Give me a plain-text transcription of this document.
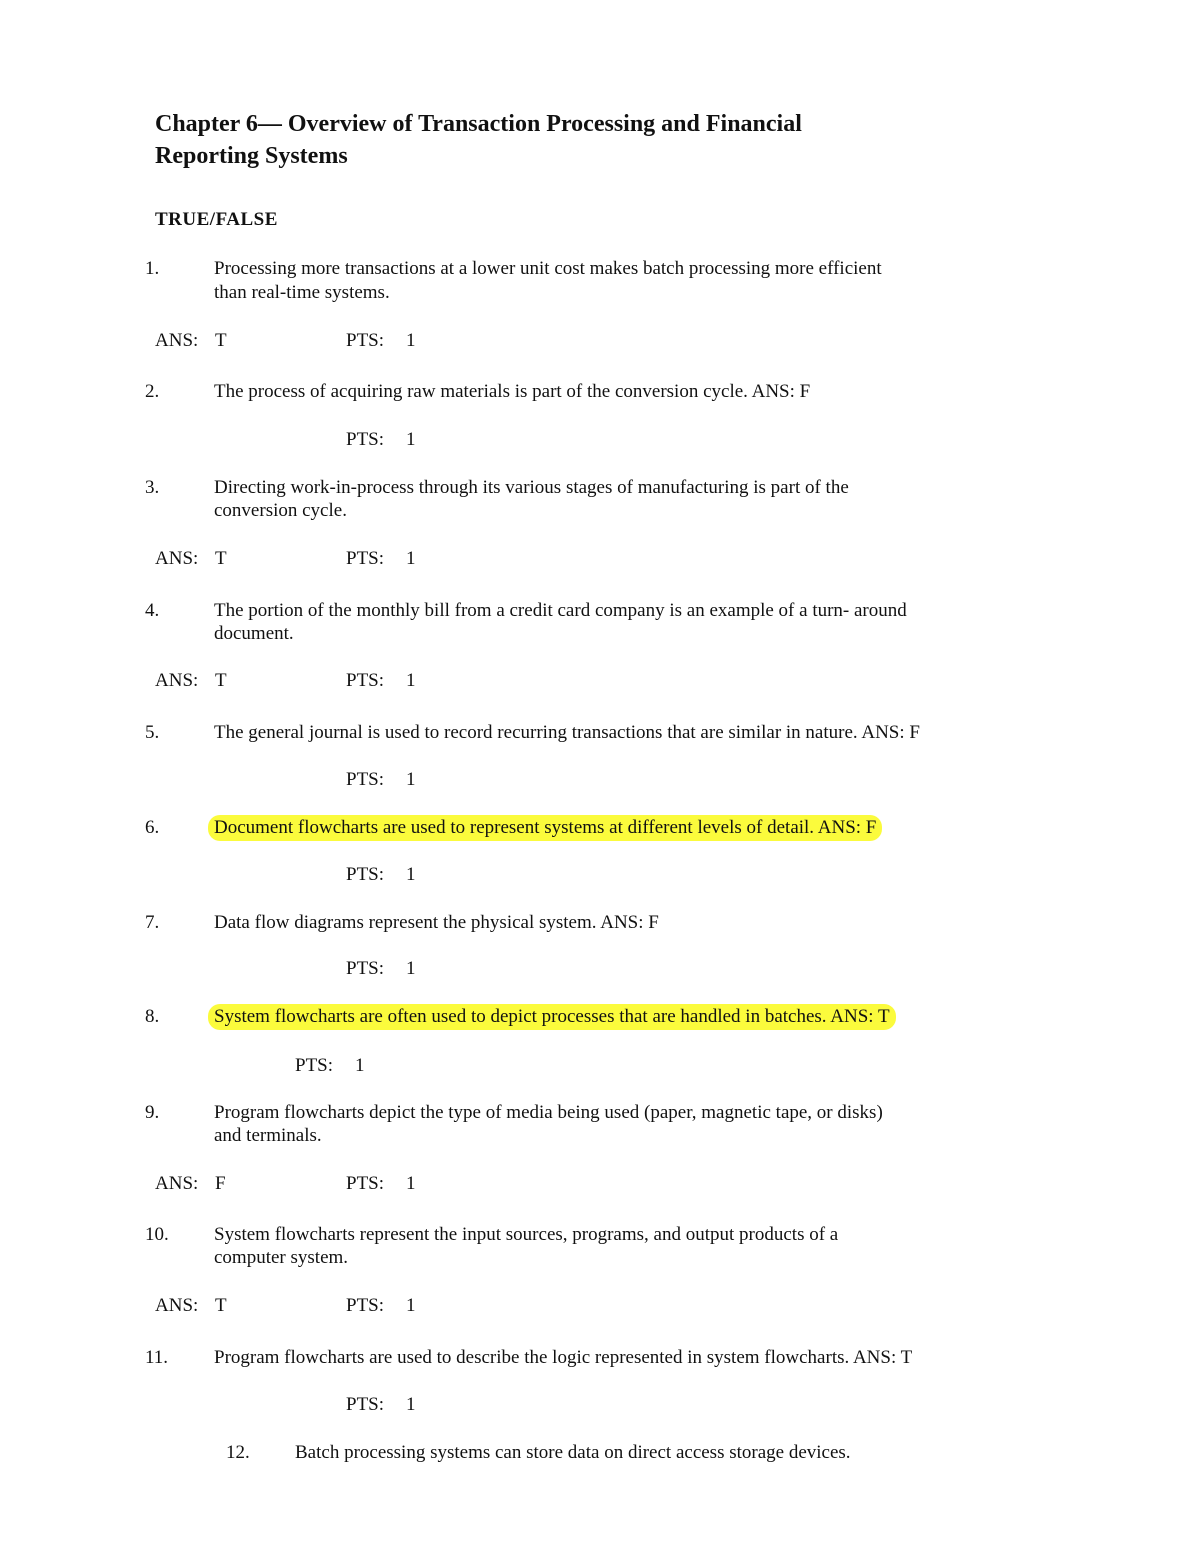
Chapter 6— Overview of Transaction Processing and Financial
Reporting Systems
TRUE/FALSE
1.	Processing more transactions at a lower unit cost makes batch processing more efficient
than real-time systems.
ANS: T	PTS: 1
2.	The process of acquiring raw materials is part of the conversion cycle. ANS: F
PTS: 1
3.	Directing work-in-process through its various stages of manufacturing is part of the
conversion cycle.
ANS: T	PTS: 1
4.	The portion of the monthly bill from a credit card company is an example of a turn- around
document.
ANS: T	PTS: 1
5.	The general journal is used to record recurring transactions that are similar in nature. ANS: F
PTS: 1
6.	Document flowcharts are used to represent systems at different levels of detail. ANS: F
PTS: 1
7.	Data flow diagrams represent the physical system. ANS: F
PTS: 1
8.	System flowcharts are often used to depict processes that are handled in batches. ANS: T
PTS: 1
9.	Program flowcharts depict the type of media being used (paper, magnetic tape, or disks)
and terminals.
ANS: F	PTS: 1
10. System flowcharts represent the input sources, programs, and output products of a
computer system.
ANS: T	PTS: 1
11. Program flowcharts are used to describe the logic represented in system flowcharts. ANS: T
PTS: 1
12. Batch processing systems can store data on direct access storage devices.
